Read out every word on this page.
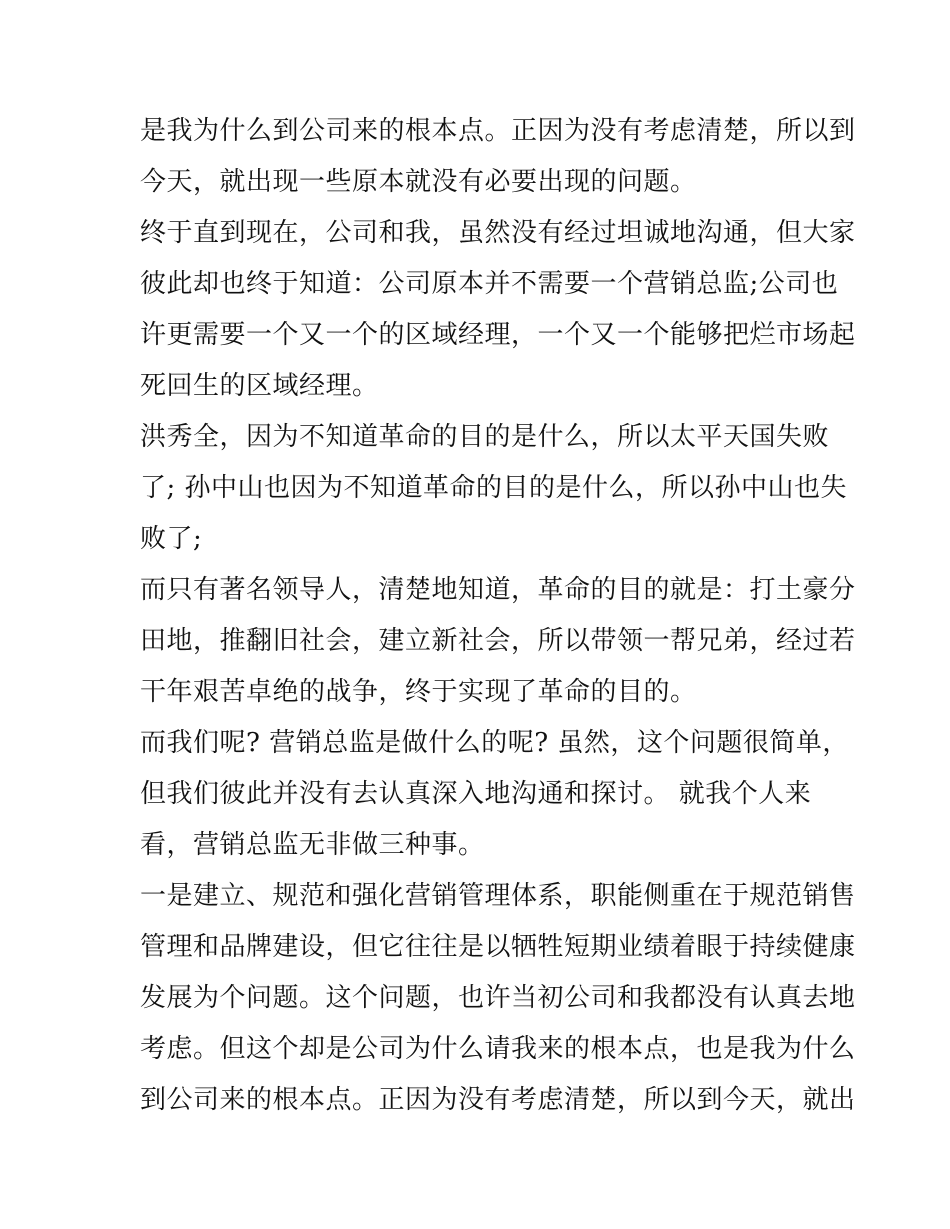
是我为什么到公司来的根本点。正因为没有考虑清楚，所以到
今天，就出现一些原本就没有必要出现的问题。
终于直到现在，公司和我，虽然没有经过坦诚地沟通，但大家
彼此却也终于知道：公司原本并不需要一个营销总监;公司也
许更需要一个又一个的区域经理，一个又一个能够把烂市场起
死回生的区域经理。
洪秀全，因为不知道革命的目的是什么，所以太平天国失败
了; 孙中山也因为不知道革命的目的是什么，所以孙中山也失
败了;
而只有著名领导人，清楚地知道，革命的目的就是：打土豪分
田地，推翻旧社会，建立新社会，所以带领一帮兄弟，经过若
干年艰苦卓绝的战争，终于实现了革命的目的。
而我们呢? 营销总监是做什么的呢? 虽然，这个问题很简单，
但我们彼此并没有去认真深入地沟通和探讨。 就我个人来
看，营销总监无非做三种事。
一是建立、规范和强化营销管理体系，职能侧重在于规范销售
管理和品牌建设，但它往往是以牺牲短期业绩着眼于持续健康
发展为个问题。这个问题，也许当初公司和我都没有认真去地
考虑。但这个却是公司为什么请我来的根本点，也是我为什么
到公司来的根本点。正因为没有考虑清楚，所以到今天，就出
